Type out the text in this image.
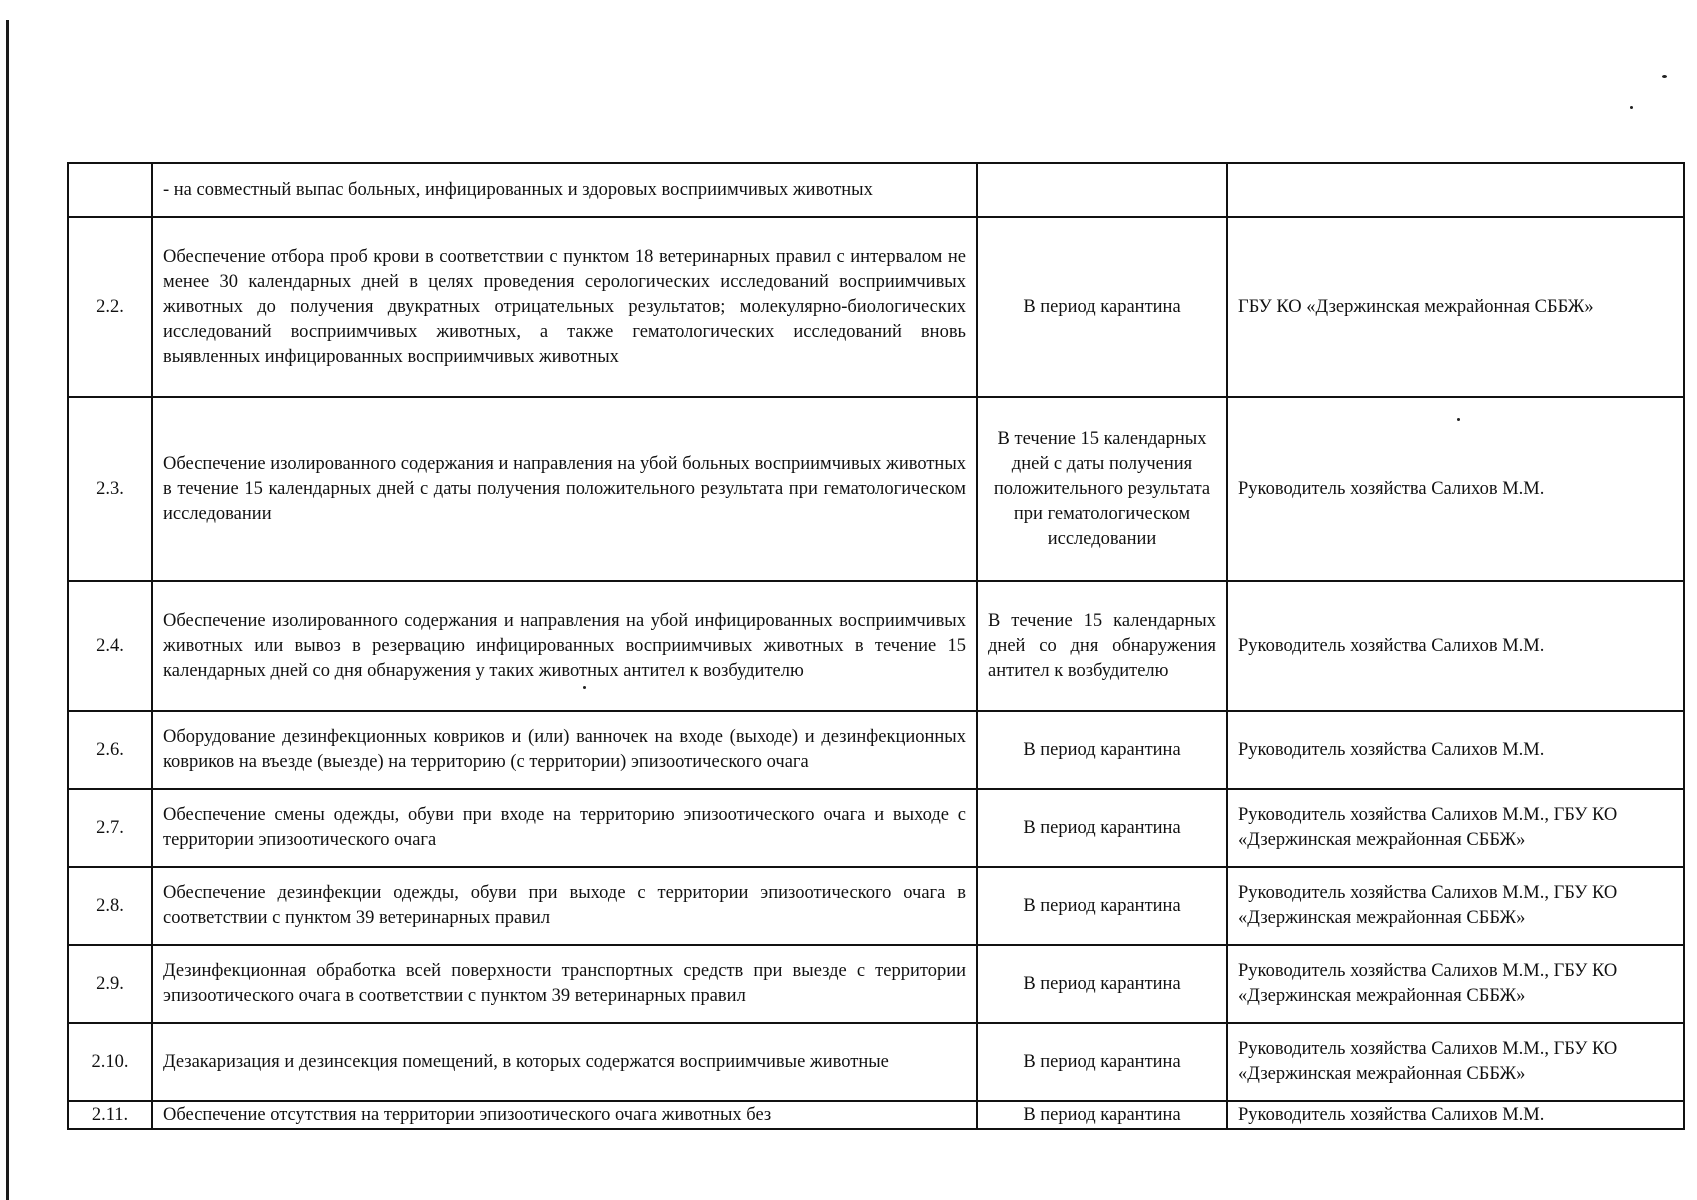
	- на совместный выпас больных, инфицированных и здоровых восприимчивых животных		
2.2.	Обеспечение отбора проб крови в соответствии с пунктом 18 ветеринарных правил с интервалом не менее 30 календарных дней в целях проведения серологических исследований восприимчивых животных до получения двукратных отрицательных результатов; молекулярно-биологических исследований восприимчивых животных, а также гематологических исследований вновь выявленных инфицированных восприимчивых животных	В период карантина	ГБУ КО «Дзержинская межрайонная СББЖ»
2.3.	Обеспечение изолированного содержания и направления на убой больных восприимчивых животных в течение 15 календарных дней с даты получения положительного результата при гематологическом исследовании	В течение 15 календарных дней с даты получения положительного результата при гематологическом исследовании	Руководитель хозяйства Салихов М.М.
2.4.	Обеспечение изолированного содержания и направления на убой инфицированных восприимчивых животных или вывоз в резервацию инфицированных восприимчивых животных в течение 15 календарных дней со дня обнаружения у таких животных антител к возбудителю	В течение 15 календарных дней со дня обнаружения антител к возбудителю	Руководитель хозяйства Салихов М.М.
2.6.	Оборудование дезинфекционных ковриков и (или) ванночек на входе (выходе) и дезинфекционных ковриков на въезде (выезде) на территорию (с территории) эпизоотического очага	В период карантина	Руководитель хозяйства Салихов М.М.
2.7.	Обеспечение смены одежды, обуви при входе на территорию эпизоотического очага и выходе с территории эпизоотического очага	В период карантина	Руководитель хозяйства Салихов М.М., ГБУ КО «Дзержинская межрайонная СББЖ»
2.8.	Обеспечение дезинфекции одежды, обуви при выходе с территории эпизоотического очага в соответствии с пунктом 39 ветеринарных правил	В период карантина	Руководитель хозяйства Салихов М.М., ГБУ КО «Дзержинская межрайонная СББЖ»
2.9.	Дезинфекционная обработка всей поверхности транспортных средств при выезде с территории эпизоотического очага в соответствии с пунктом 39 ветеринарных правил	В период карантина	Руководитель хозяйства Салихов М.М., ГБУ КО «Дзержинская межрайонная СББЖ»
2.10.	Дезакаризация и дезинсекция помещений, в которых содержатся восприимчивые животные	В период карантина	Руководитель хозяйства Салихов М.М., ГБУ КО «Дзержинская межрайонная СББЖ»
2.11.	Обеспечение отсутствия на территории эпизоотического очага животных без	В период карантина	Руководитель хозяйства Салихов М.М.
